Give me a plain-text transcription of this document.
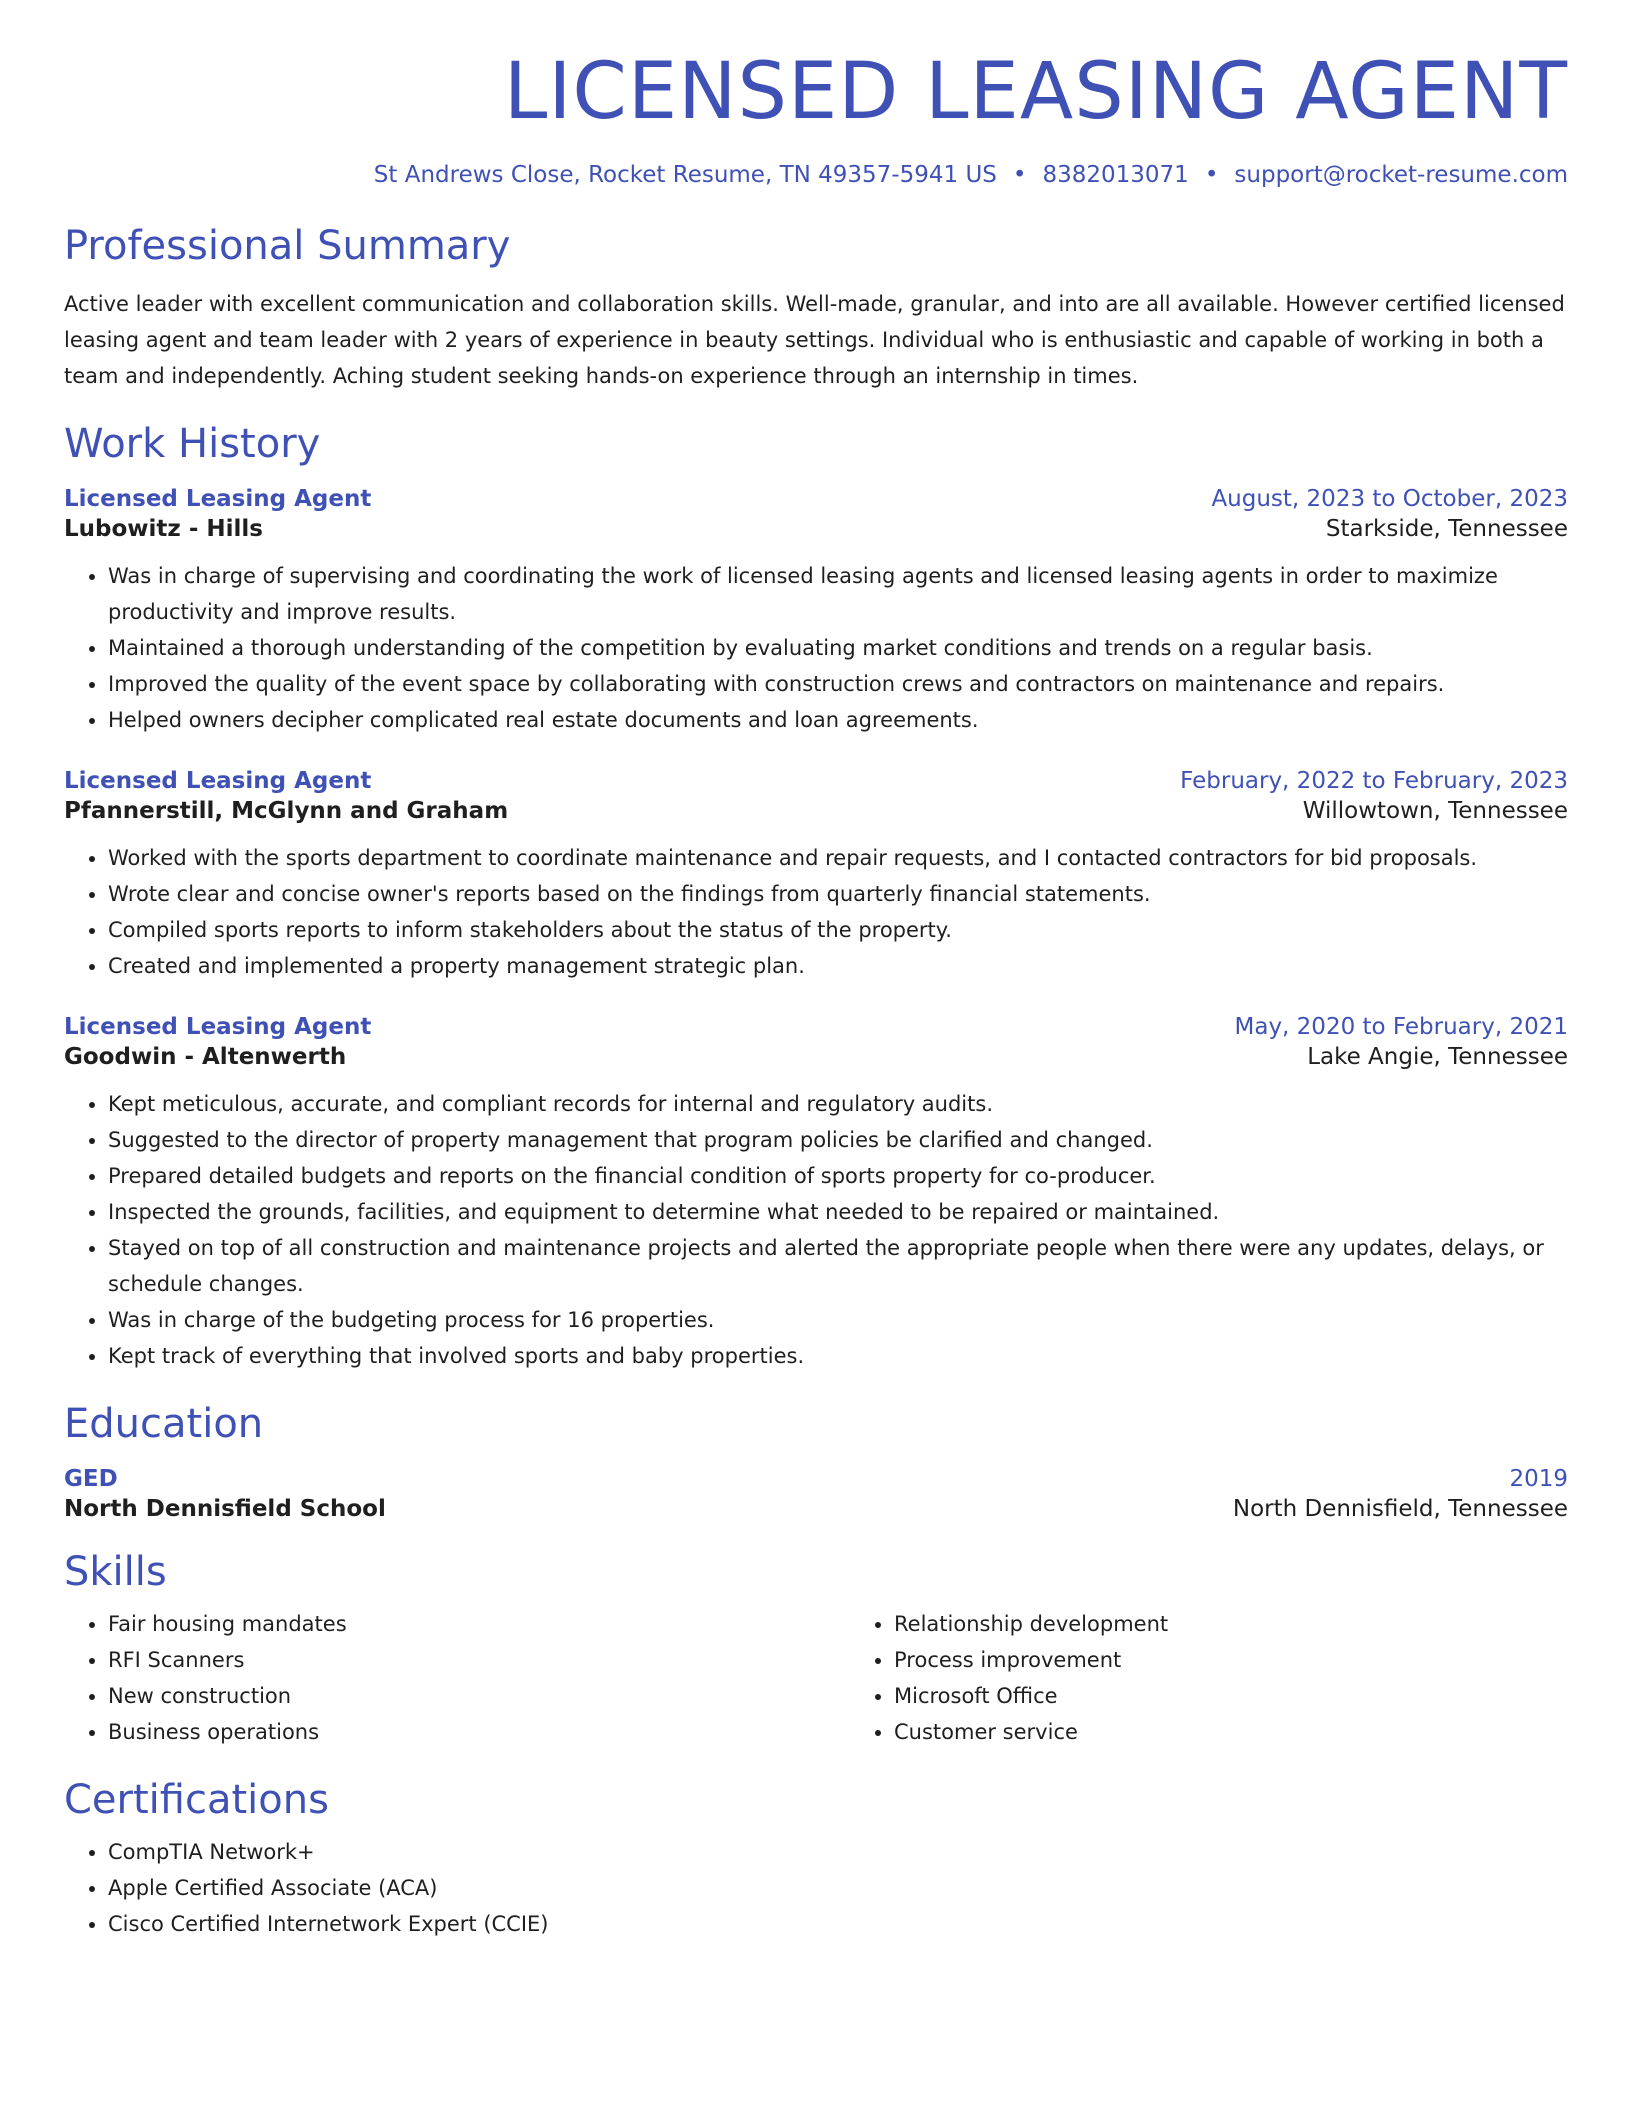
LICENSED LEASING AGENT
St Andrews Close, Rocket Resume, TN 49357-5941 US • 8382013071 • support@rocket-resume.com
Professional Summary
Active leader with excellent communication and collaboration skills. Well-made, granular, and into are all available. However certified licensed leasing agent and team leader with 2 years of experience in beauty settings. Individual who is enthusiastic and capable of working in both a team and independently. Aching student seeking hands-on experience through an internship in times.
Work History
Licensed Leasing Agent	August, 2023 to October, 2023
Lubowitz - Hills	Starkside, Tennessee
• Was in charge of supervising and coordinating the work of licensed leasing agents and licensed leasing agents in order to maximize productivity and improve results.
• Maintained a thorough understanding of the competition by evaluating market conditions and trends on a regular basis.
• Improved the quality of the event space by collaborating with construction crews and contractors on maintenance and repairs.
• Helped owners decipher complicated real estate documents and loan agreements.
Licensed Leasing Agent	February, 2022 to February, 2023
Pfannerstill, McGlynn and Graham	Willowtown, Tennessee
• Worked with the sports department to coordinate maintenance and repair requests, and I contacted contractors for bid proposals.
• Wrote clear and concise owner's reports based on the findings from quarterly financial statements.
• Compiled sports reports to inform stakeholders about the status of the property.
• Created and implemented a property management strategic plan.
Licensed Leasing Agent	May, 2020 to February, 2021
Goodwin - Altenwerth	Lake Angie, Tennessee
• Kept meticulous, accurate, and compliant records for internal and regulatory audits.
• Suggested to the director of property management that program policies be clarified and changed.
• Prepared detailed budgets and reports on the financial condition of sports property for co-producer.
• Inspected the grounds, facilities, and equipment to determine what needed to be repaired or maintained.
• Stayed on top of all construction and maintenance projects and alerted the appropriate people when there were any updates, delays, or schedule changes.
• Was in charge of the budgeting process for 16 properties.
• Kept track of everything that involved sports and baby properties.
Education
GED	2019
North Dennisfield School	North Dennisfield, Tennessee
Skills
• Fair housing mandates
• RFI Scanners
• New construction
• Business operations
• Relationship development
• Process improvement
• Microsoft Office
• Customer service
Certifications
• CompTIA Network+
• Apple Certified Associate (ACA)
• Cisco Certified Internetwork Expert (CCIE)
